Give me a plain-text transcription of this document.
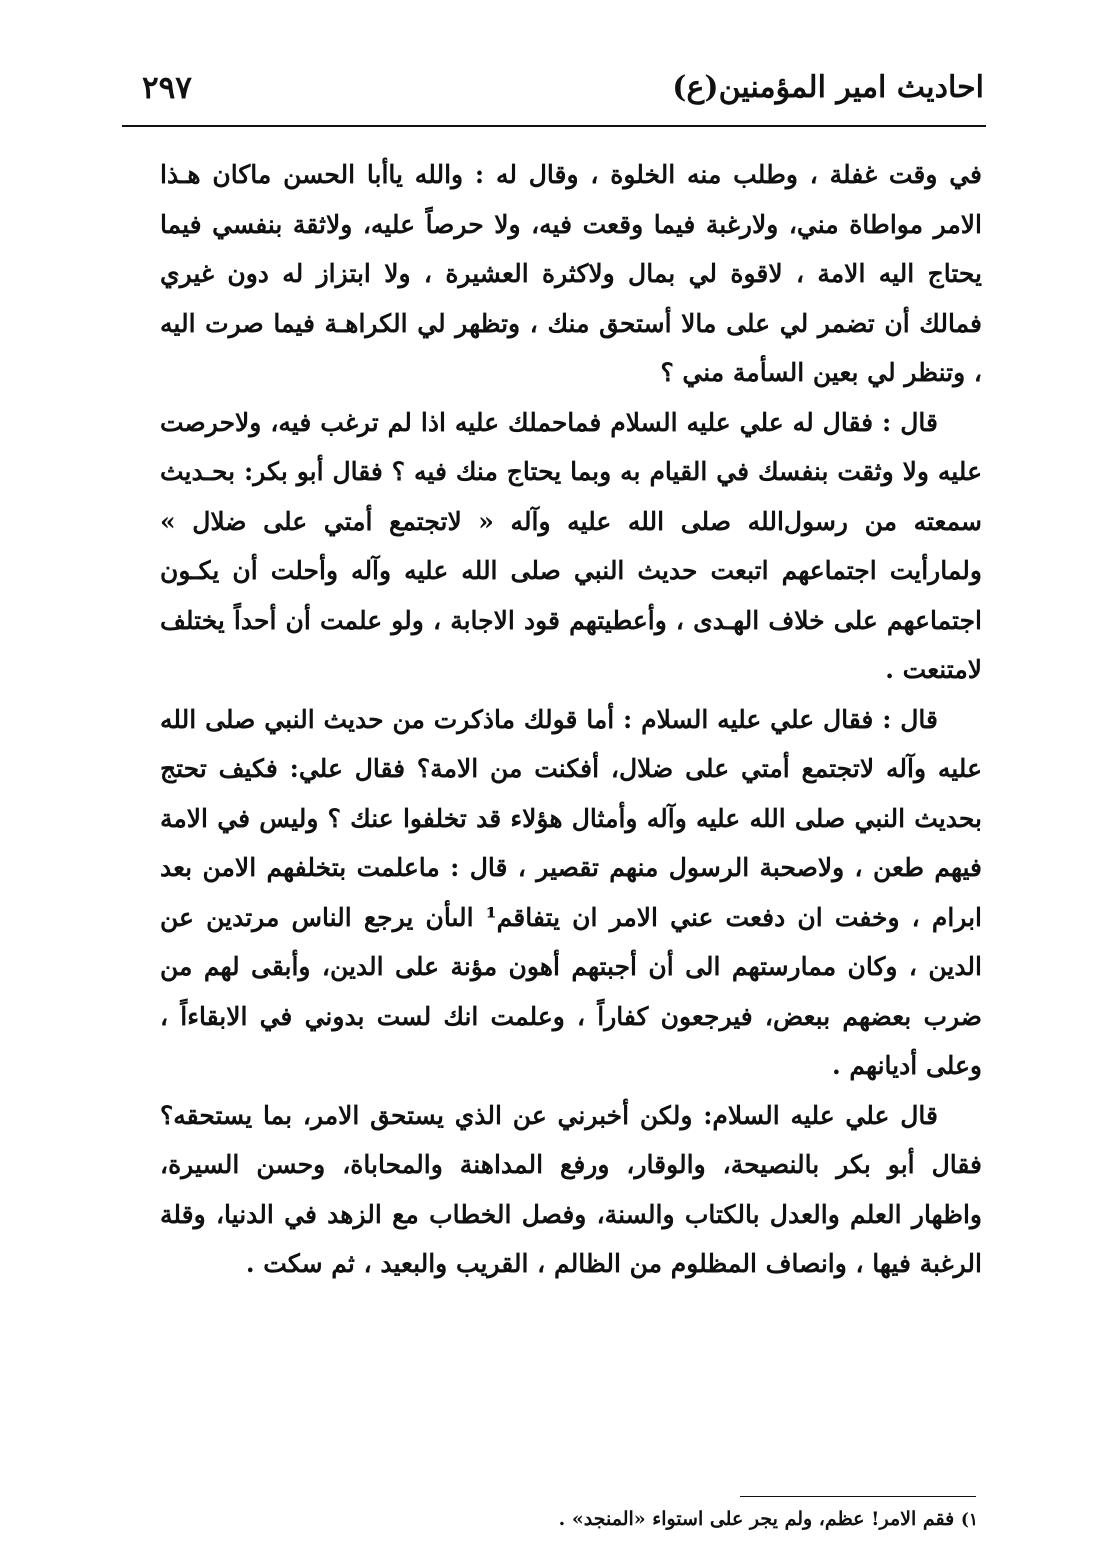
احاديث امير المؤمنين(ع)
٢٩٧

في وقت غفلة ، وطلب منه الخلوة ، وقال له : والله ياأبا الحسن ماكان هـذا الامر مواطاة مني، ولارغبة فيما وقعت فيه، ولا حرصاً عليه، ولاثقة بنفسي فيما يحتاج اليه الامة ، لاقوة لي بمال ولاكثرة العشيرة ، ولا ابتزاز له دون غيري فمالك أن تضمر لي على مالا أستحق منك ، وتظهر لي الكراهـة فيما صرت اليه ، وتنظر لي بعين السأمة مني ؟

قال : فقال له علي عليه السلام فماحملك عليه اذا لم ترغب فيه، ولاحرصت عليه ولا وثقت بنفسك في القيام به وبما يحتاج منك فيه ؟ فقال أبو بكر: بحـديث سمعته من رسول‌الله صلى الله عليه وآله « لاتجتمع أمتي على ضلال » ولمارأيت اجتماعهم اتبعت حديث النبي صلى الله عليه وآله وأحلت أن يكـون اجتماعهم على خلاف الهـدى ، وأعطيتهم قود الاجابة ، ولو علمت أن أحداً يختلف لامتنعت .

قال : فقال علي عليه السلام : أما قولك ماذكرت من حديث النبي صلى الله عليه وآله لاتجتمع أمتي على ضلال، أفكنت من الامة؟ فقال علي: فكيف تحتج بحديث النبي صلى الله عليه وآله وأمثال هؤلاء قد تخلفوا عنك ؟ وليس في الامة فيهم طعن ، ولاصحبة الرسول منهم تقصير ، قال : ماعلمت بتخلفهم الامن بعد ابرام ، وخفت ان دفعت عني الامر ان يتفاقم¹ الىأن يرجع الناس مرتدين عن الدين ، وكان ممارستهم الى أن أجبتهم أهون مؤنة على الدين، وأبقى لهم من ضرب بعضهم ببعض، فيرجعون كفاراً ، وعلمت انك لست بدوني في الابقاءاً ، وعلى أديانهم .

قال علي عليه السلام: ولكن أخبرني عن الذي يستحق الامر، بما يستحقه؟ فقال أبو بكر بالنصيحة، والوقار، ورفع المداهنة والمحاباة، وحسن السيرة، واظهار العلم والعدل بالكتاب والسنة، وفصل الخطاب مع الزهد في الدنيا، وقلة الرغبة فيها ، وانصاف المظلوم من الظالم ، القريب والبعيد ، ثم سكت .

١) فقم الامر! عظم، ولم يجر على استواء «المنجد» .
